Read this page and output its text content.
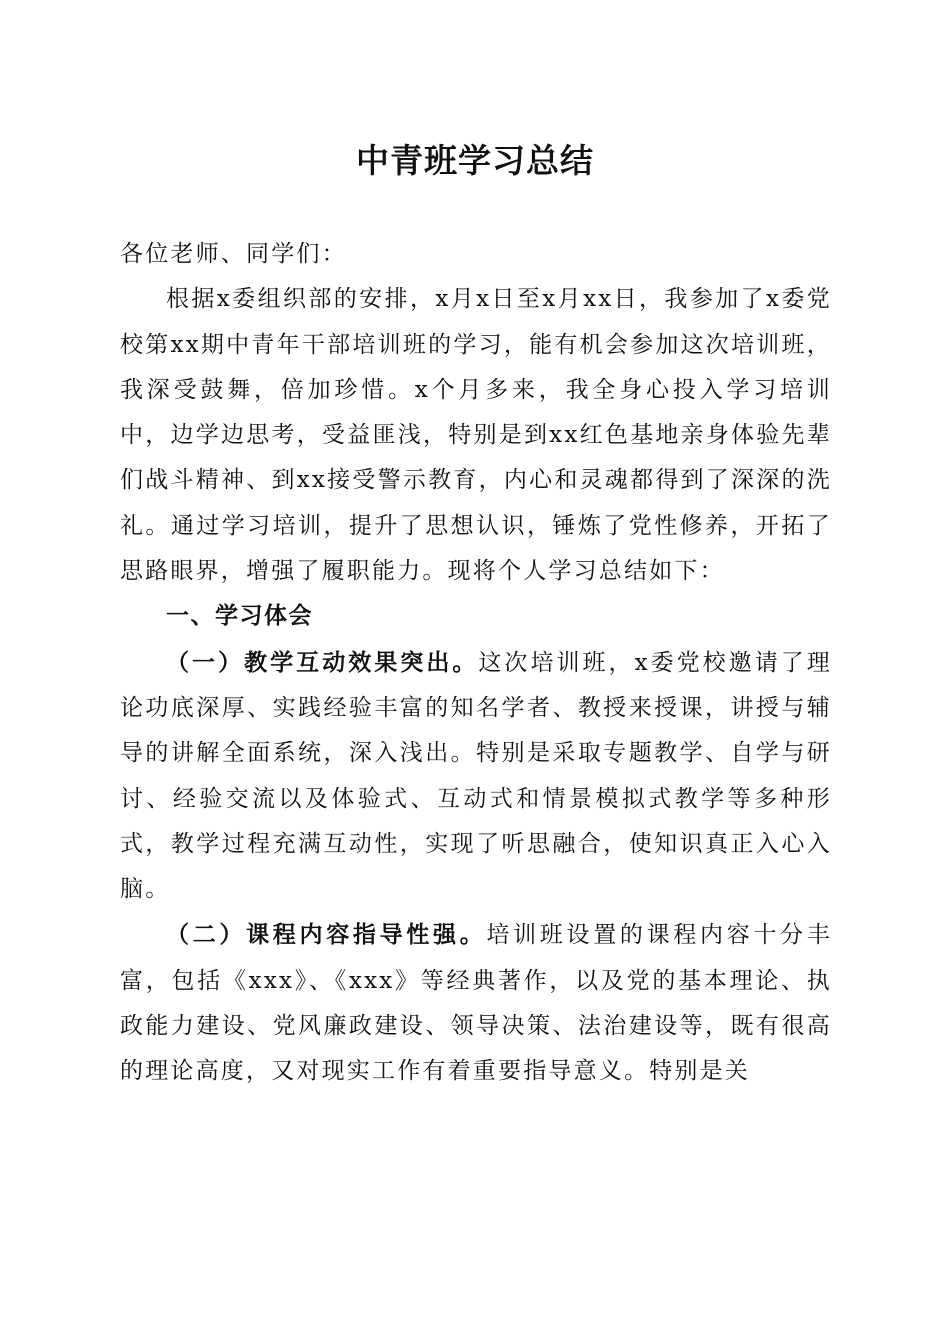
中青班学习总结

各位老师、同学们：

根据x委组织部的安排，x月x日至x月xx日，我参加了x委党校第xx期中青年干部培训班的学习，能有机会参加这次培训班，我深受鼓舞，倍加珍惜。x个月多来，我全身心投入学习培训中，边学边思考，受益匪浅，特别是到xx红色基地亲身体验先辈们战斗精神、到xx接受警示教育，内心和灵魂都得到了深深的洗礼。通过学习培训，提升了思想认识，锤炼了党性修养，开拓了思路眼界，增强了履职能力。现将个人学习总结如下：

一、学习体会

（一）教学互动效果突出。这次培训班，x委党校邀请了理论功底深厚、实践经验丰富的知名学者、教授来授课，讲授与辅导的讲解全面系统，深入浅出。特别是采取专题教学、自学与研讨、经验交流以及体验式、互动式和情景模拟式教学等多种形式，教学过程充满互动性，实现了听思融合，使知识真正入心入脑。

（二）课程内容指导性强。培训班设置的课程内容十分丰富，包括《xxx》、《xxx》等经典著作，以及党的基本理论、执政能力建设、党风廉政建设、领导决策、法治建设等，既有很高的理论高度，又对现实工作有着重要指导意义。特别是关
